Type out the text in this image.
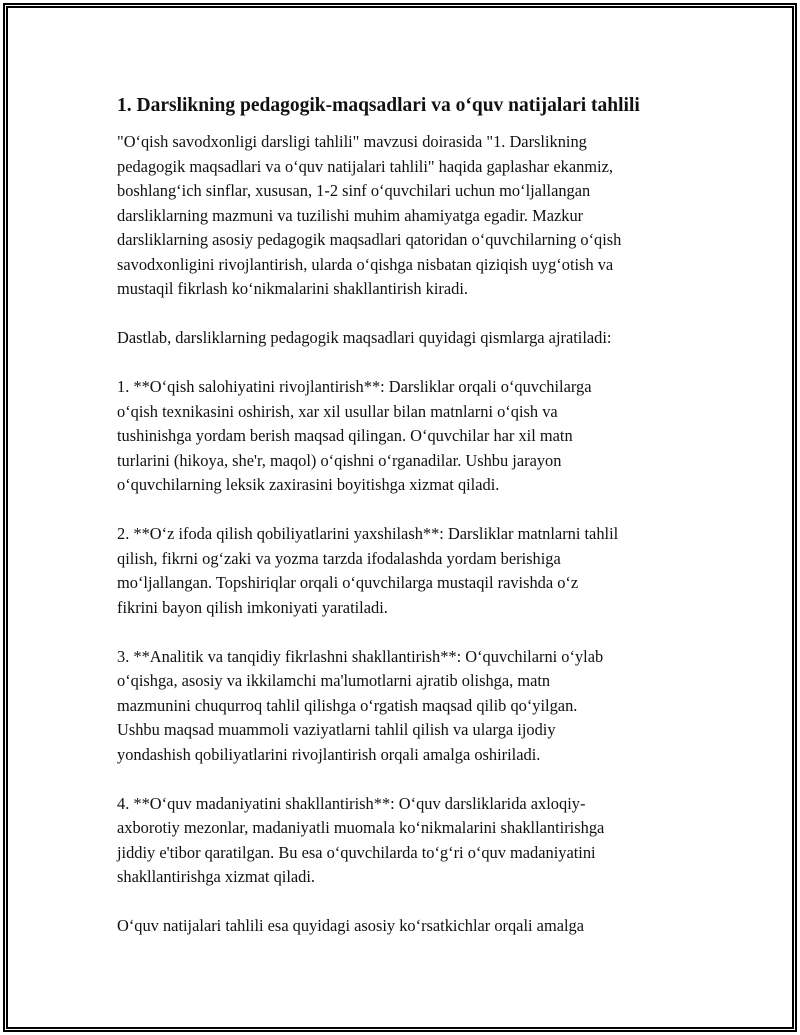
1. Darslikning pedagogik-maqsadlari va o‘quv natijalari tahlili

"O‘qish savodxonligi darsligi tahlili" mavzusi doirasida "1. Darslikning
pedagogik maqsadlari va o‘quv natijalari tahlili" haqida gaplashar ekanmiz,
boshlang‘ich sinflar, xususan, 1-2 sinf o‘quvchilari uchun mo‘ljallangan
darsliklarning mazmuni va tuzilishi muhim ahamiyatga egadir. Mazkur
darsliklarning asosiy pedagogik maqsadlari qatoridan o‘quvchilarning o‘qish
savodxonligini rivojlantirish, ularda o‘qishga nisbatan qiziqish uyg‘otish va
mustaqil fikrlash ko‘nikmalarini shakllantirish kiradi.

Dastlab, darsliklarning pedagogik maqsadlari quyidagi qismlarga ajratiladi:

1. **O‘qish salohiyatini rivojlantirish**: Darsliklar orqali o‘quvchilarga
o‘qish texnikasini oshirish, xar xil usullar bilan matnlarni o‘qish va
tushinishga yordam berish maqsad qilingan. O‘quvchilar har xil matn
turlarini (hikoya, she'r, maqol) o‘qishni o‘rganadilar. Ushbu jarayon
o‘quvchilarning leksik zaxirasini boyitishga xizmat qiladi.

2. **O‘z ifoda qilish qobiliyatlarini yaxshilash**: Darsliklar matnlarni tahlil
qilish, fikrni og‘zaki va yozma tarzda ifodalashda yordam berishiga
mo‘ljallangan. Topshiriqlar orqali o‘quvchilarga mustaqil ravishda o‘z
fikrini bayon qilish imkoniyati yaratiladi.

3. **Analitik va tanqidiy fikrlashni shakllantirish**: O‘quvchilarni o‘ylab
o‘qishga, asosiy va ikkilamchi ma'lumotlarni ajratib olishga, matn
mazmunini chuqurroq tahlil qilishga o‘rgatish maqsad qilib qo‘yilgan.
Ushbu maqsad muammoli vaziyatlarni tahlil qilish va ularga ijodiy
yondashish qobiliyatlarini rivojlantirish orqali amalga oshiriladi.

4. **O‘quv madaniyatini shakllantirish**: O‘quv darsliklarida axloqiy-
axborotiy mezonlar, madaniyatli muomala ko‘nikmalarini shakllantirishga
jiddiy e'tibor qaratilgan. Bu esa o‘quvchilarda to‘g‘ri o‘quv madaniyatini
shakllantirishga xizmat qiladi.

O‘quv natijalari tahlili esa quyidagi asosiy ko‘rsatkichlar orqali amalga
